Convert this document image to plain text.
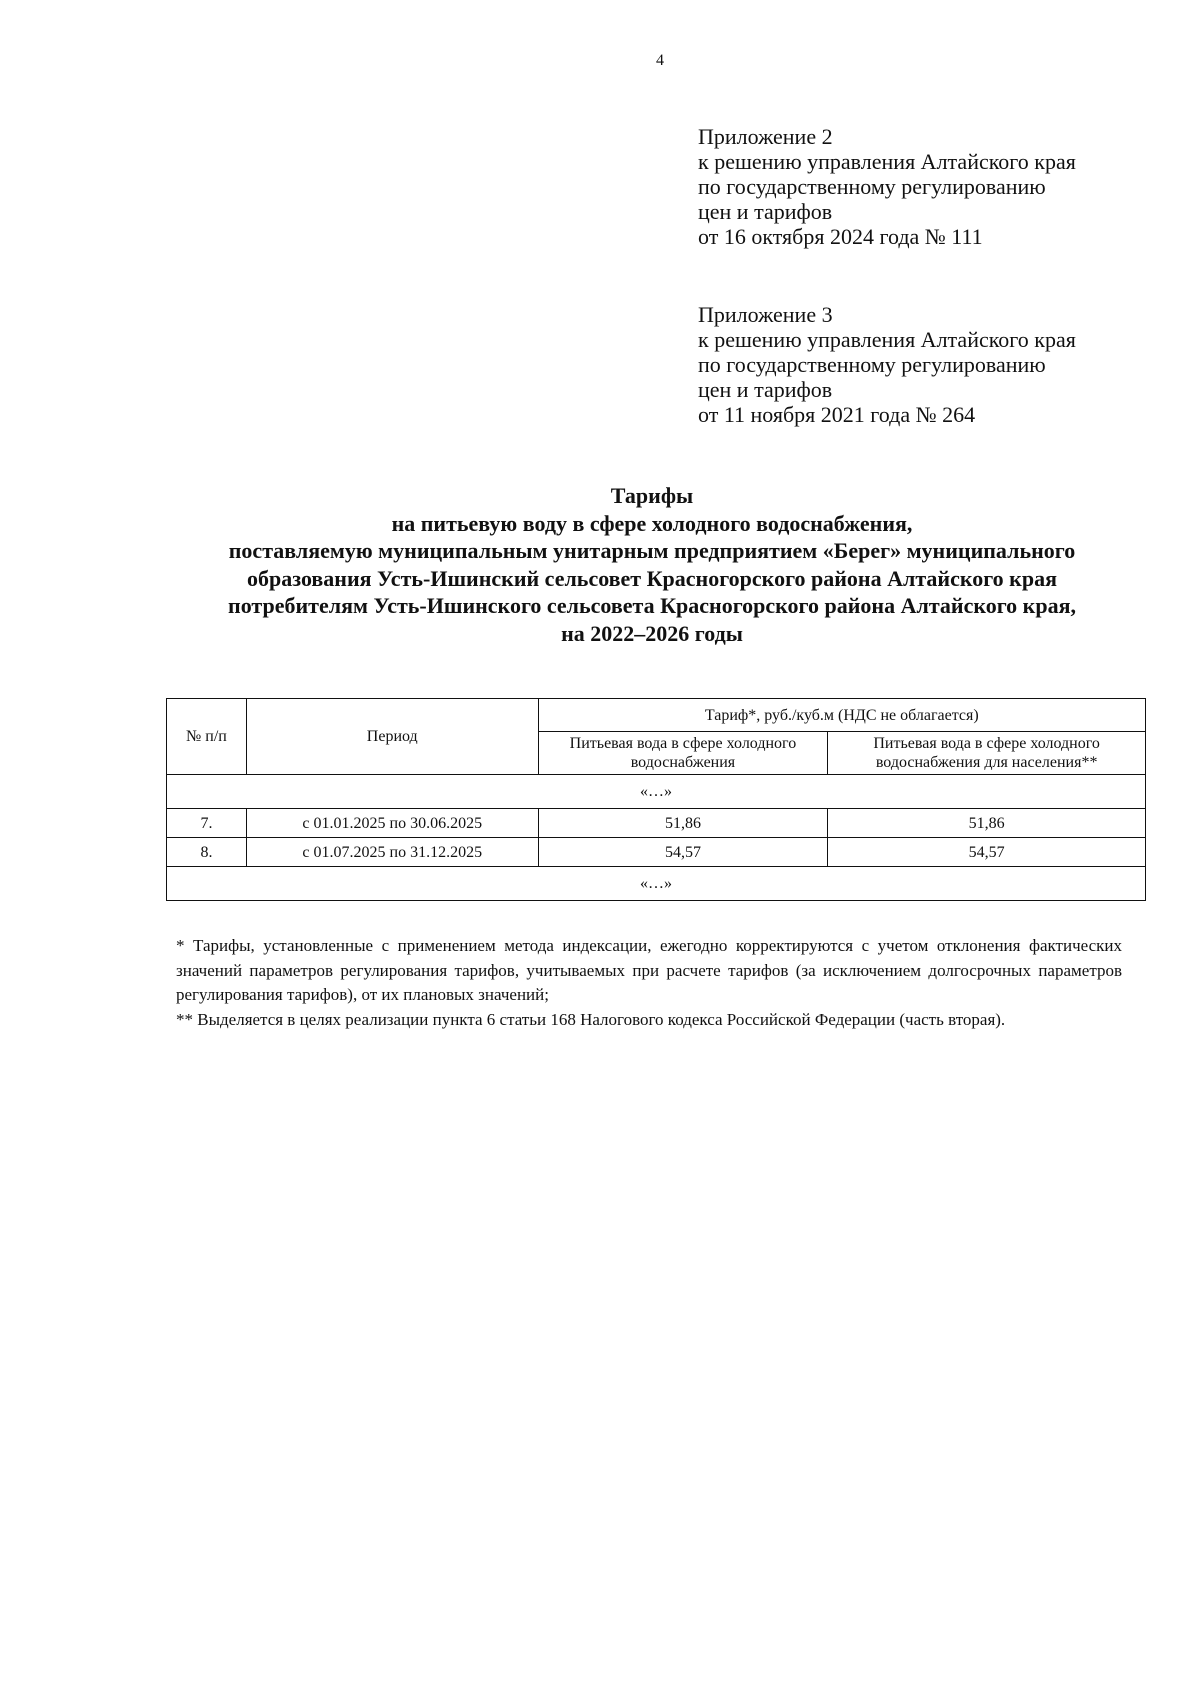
4
Приложение 2
к решению управления Алтайского края
по государственному регулированию
цен и тарифов
от 16 октября 2024 года № 111
Приложение 3
к решению управления Алтайского края
по государственному регулированию
цен и тарифов
от 11 ноября 2021 года № 264
Тарифы
на питьевую воду в сфере холодного водоснабжения,
поставляемую муниципальным унитарным предприятием «Берег» муниципального
образования Усть-Ишинский сельсовет Красногорского района Алтайского края
потребителям Усть-Ишинского сельсовета Красногорского района Алтайского края,
на 2022–2026 годы
№ п/п	Период	Тариф*, руб./куб.м (НДС не облагается)	
		Питьевая вода в сфере холодного водоснабжения	Питьевая вода в сфере холодного водоснабжения для населения**
«…»			
7.	с 01.01.2025 по 30.06.2025	51,86	51,86
8.	с 01.07.2025 по 31.12.2025	54,57	54,57
«…»			

* Тарифы, установленные с применением метода индексации, ежегодно корректируются с учетом отклонения фактических значений параметров регулирования тарифов, учитываемых при расчете тарифов (за исключением долгосрочных параметров регулирования тарифов), от их плановых значений;

** Выделяется в целях реализации пункта 6 статьи 168 Налогового кодекса Российской Федерации (часть вторая).
